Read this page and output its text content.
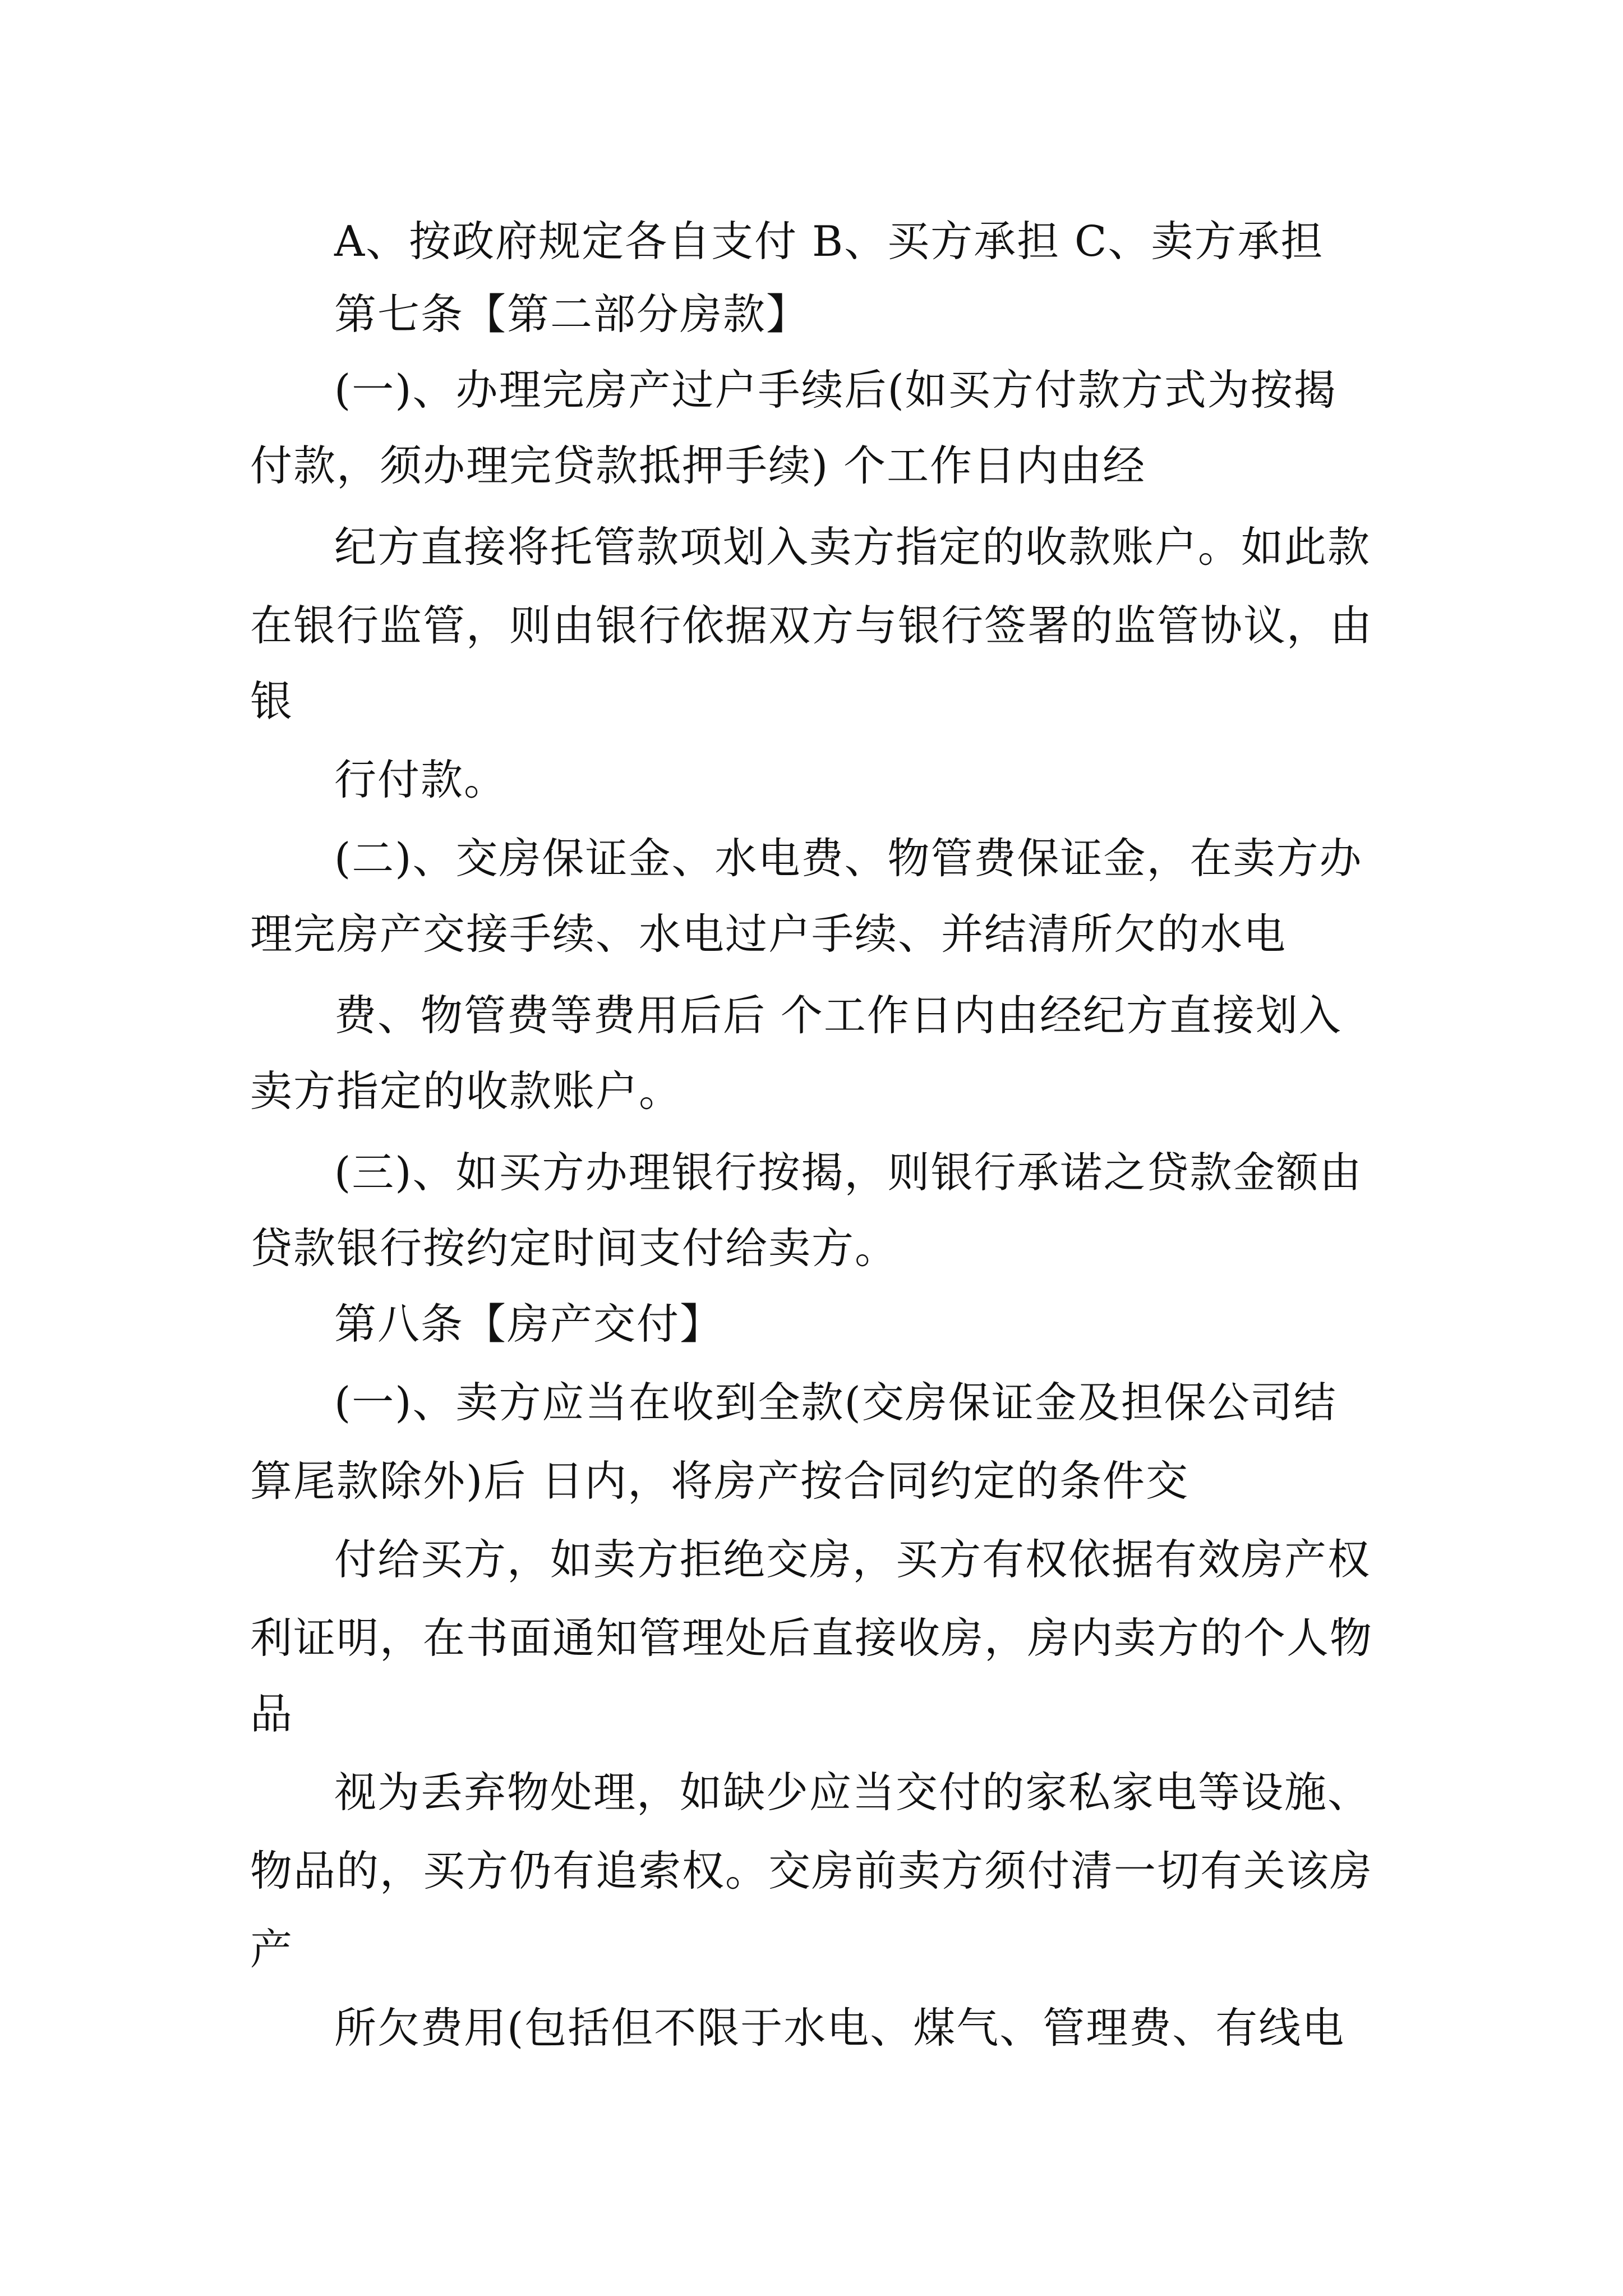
A、按政府规定各自支付 B、买方承担 C、卖方承担
第七条【第二部分房款】
(一)、办理完房产过户手续后(如买方付款方式为按揭
付款，须办理完贷款抵押手续) 个工作日内由经
纪方直接将托管款项划入卖方指定的收款账户。如此款
在银行监管，则由银行依据双方与银行签署的监管协议，由
银
行付款。
(二)、交房保证金、水电费、物管费保证金，在卖方办
理完房产交接手续、水电过户手续、并结清所欠的水电
费、物管费等费用后后 个工作日内由经纪方直接划入
卖方指定的收款账户。
(三)、如买方办理银行按揭，则银行承诺之贷款金额由
贷款银行按约定时间支付给卖方。
第八条【房产交付】
(一)、卖方应当在收到全款(交房保证金及担保公司结
算尾款除外)后 日内，将房产按合同约定的条件交
付给买方，如卖方拒绝交房，买方有权依据有效房产权
利证明，在书面通知管理处后直接收房，房内卖方的个人物
品
视为丢弃物处理，如缺少应当交付的家私家电等设施、
物品的，买方仍有追索权。交房前卖方须付清一切有关该房
产
所欠费用(包括但不限于水电、煤气、管理费、有线电
